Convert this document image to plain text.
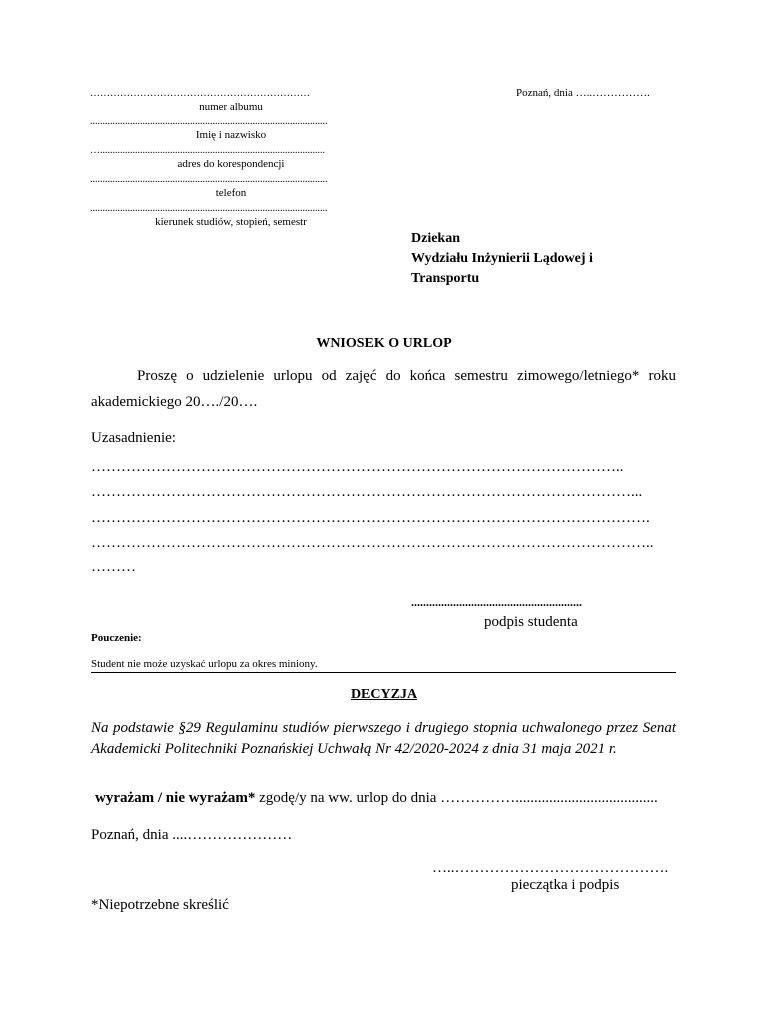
…………………………………………………………
numer albumu
...............................................................................................
Imię i nazwisko
…..........................................................................................
adres do korespondencji
...............................................................................................
telefon
...............................................................................................
kierunek studiów, stopień, semestr
Poznań, dnia …..…………….
Dziekan
Wydziału Inżynierii Lądowej i
Transportu
WNIOSEK O URLOP
Proszę o udzielenie urlopu od zajęć do końca semestru zimowego/letniego* roku
akademickiego 20…./20….
Uzasadnienie:
……………………………………………………………………………………………..
………………………………………………………………………………………………...
………………………………………………………………………………………………….
…………………………………………………………………………………………………..
………
.........................................................
podpis studenta
Pouczenie:
Student nie może uzyskać urlopu za okres miniony.
DECYZJA
Na podstawie §29 Regulaminu studiów pierwszego i drugiego stopnia uchwalonego przez Senat Akademicki Politechniki Poznańskiej Uchwałą Nr 42/2020-2024 z dnia 31 maja 2021 r.
wyrażam / nie wyrażam* zgodę/y na ww. urlop do dnia ……………......................................
Poznań, dnia ....…………………
…..…………………………………….
pieczątka i podpis
*Niepotrzebne skreślić
